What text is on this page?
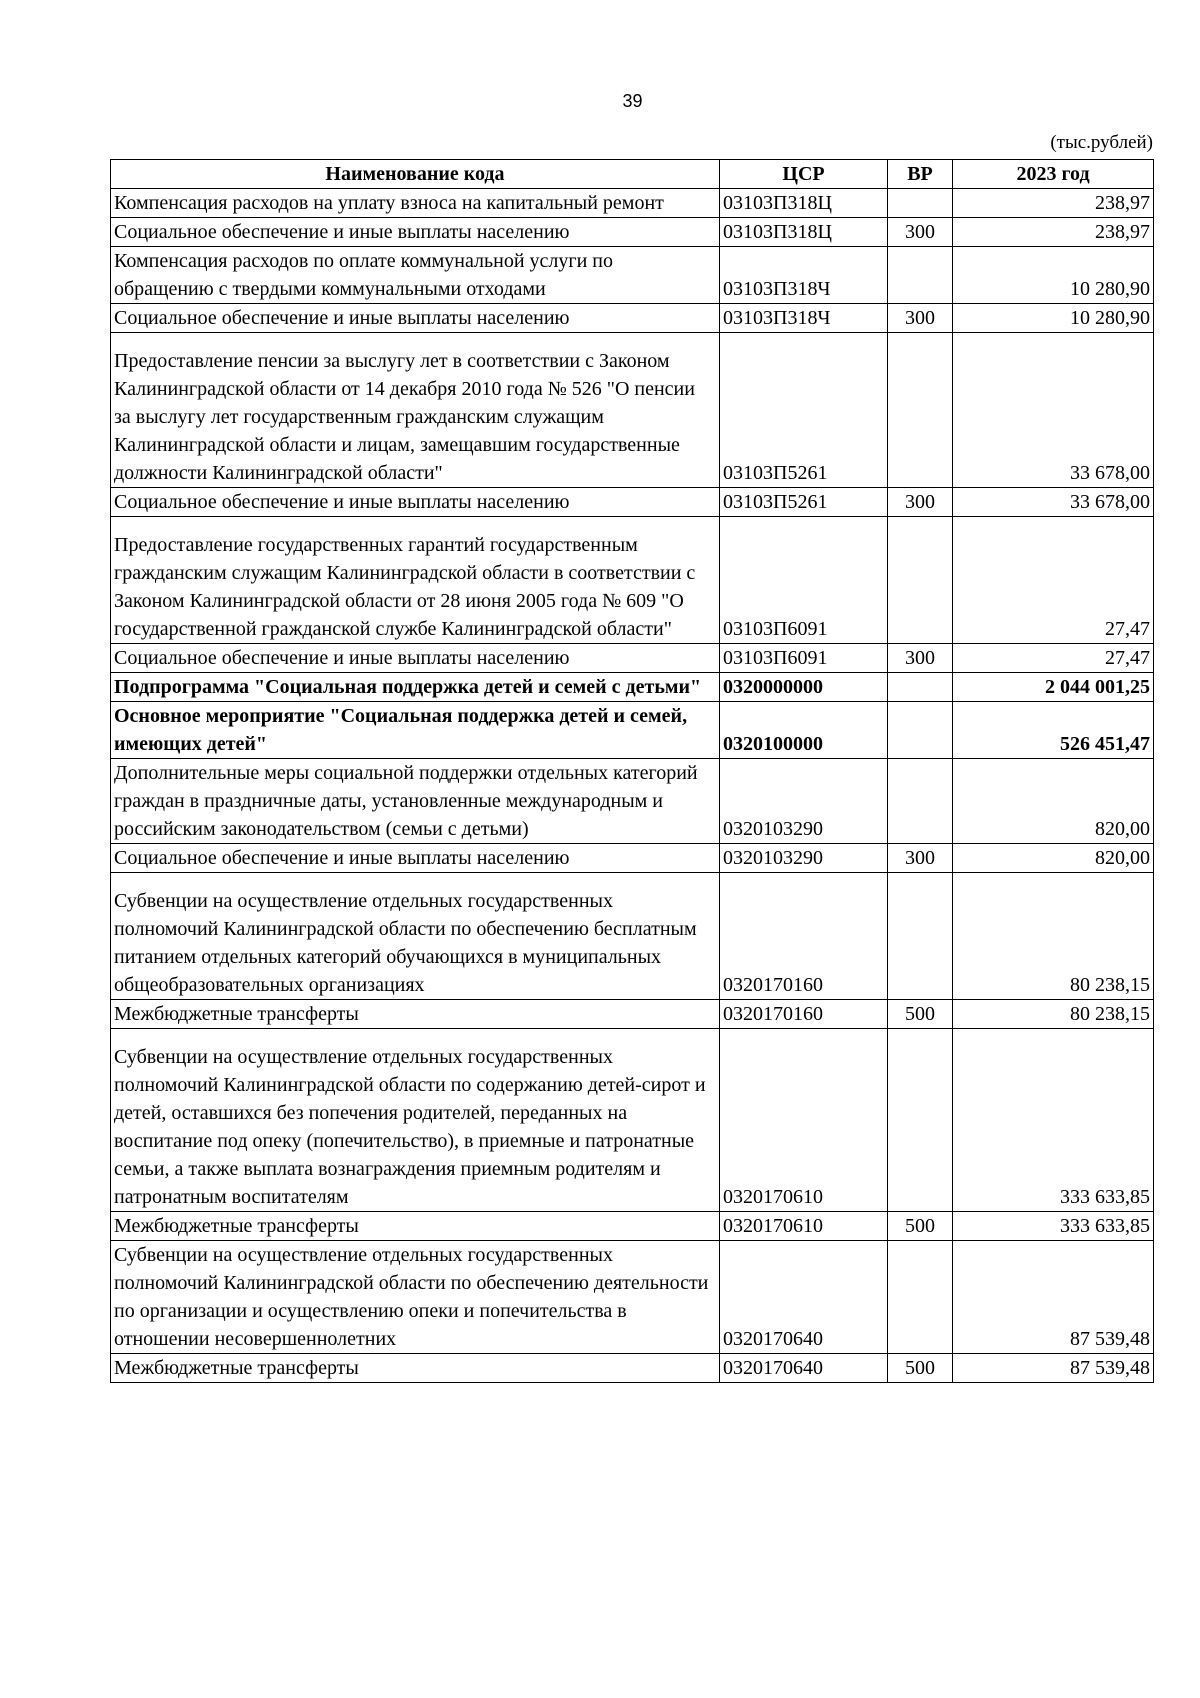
39
(тыс.рублей)
Наименование кода	ЦСР	ВР	2023 год
Компенсация расходов на уплату взноса на капитальный ремонт	03103П318Ц		238,97
Социальное обеспечение и иные выплаты населению	03103П318Ц	300	238,97
Компенсация расходов по оплате коммунальной услуги по обращению с твердыми коммунальными отходами	03103П318Ч		10 280,90
Социальное обеспечение и иные выплаты населению	03103П318Ч	300	10 280,90
Предоставление пенсии за выслугу лет в соответствии с Законом Калининградской области от 14 декабря 2010 года № 526 "О пенсии за выслугу лет государственным гражданским служащим Калининградской области и лицам, замещавшим государственные должности Калининградской области"	03103П5261		33 678,00
Социальное обеспечение и иные выплаты населению	03103П5261	300	33 678,00
Предоставление государственных гарантий государственным гражданским служащим Калининградской области в соответствии с Законом Калининградской области от 28 июня 2005 года № 609 "О государственной гражданской службе Калининградской области"	03103П6091		27,47
Социальное обеспечение и иные выплаты населению	03103П6091	300	27,47
Подпрограмма "Социальная поддержка детей и семей с детьми"	0320000000		2 044 001,25
Основное мероприятие "Социальная поддержка детей и семей, имеющих детей"	0320100000		526 451,47
Дополнительные меры социальной поддержки отдельных категорий граждан в праздничные даты, установленные международным и российским законодательством (семьи с детьми)	0320103290		820,00
Социальное обеспечение и иные выплаты населению	0320103290	300	820,00
Субвенции на осуществление отдельных государственных полномочий Калининградской области по обеспечению бесплатным питанием отдельных категорий обучающихся в муниципальных общеобразовательных организациях	0320170160		80 238,15
Межбюджетные трансферты	0320170160	500	80 238,15
Субвенции на осуществление отдельных государственных полномочий Калининградской области по содержанию детей-сирот и детей, оставшихся без попечения родителей, переданных на воспитание под опеку (попечительство), в приемные и патронатные семьи, а также выплата вознаграждения приемным родителям и патронатным воспитателям	0320170610		333 633,85
Межбюджетные трансферты	0320170610	500	333 633,85
Субвенции на осуществление отдельных государственных полномочий Калининградской области по обеспечению деятельности по организации и осуществлению опеки и попечительства в отношении несовершеннолетних	0320170640		87 539,48
Межбюджетные трансферты	0320170640	500	87 539,48
